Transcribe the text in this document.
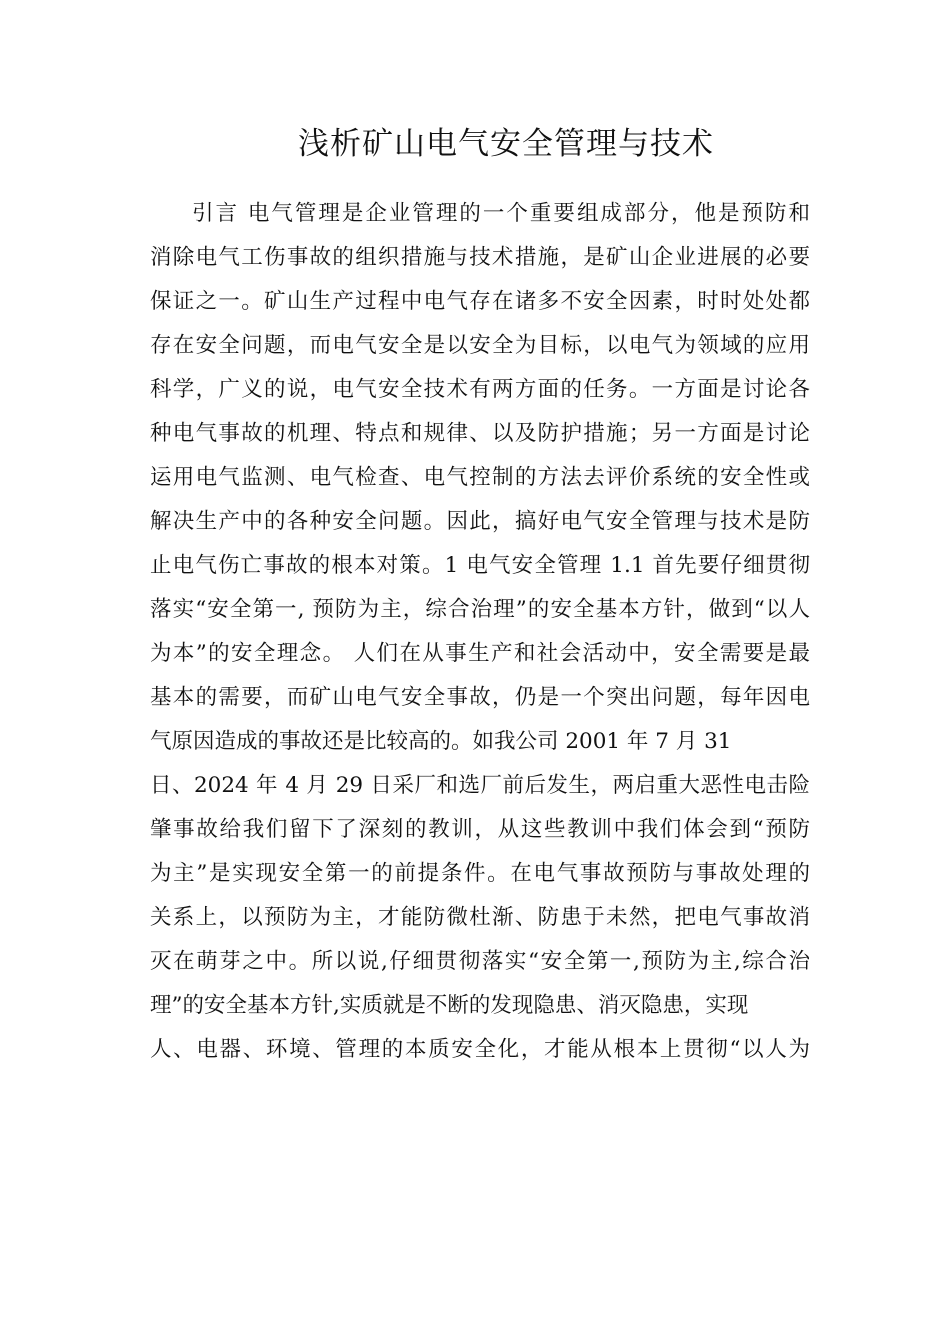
浅析矿山电气安全管理与技术
引言 电气管理是企业管理的一个重要组成部分，他是预防和
消除电气工伤事故的组织措施与技术措施，是矿山企业进展的必要
保证之一。矿山生产过程中电气存在诸多不安全因素，时时处处都
存在安全问题，而电气安全是以安全为目标，以电气为领域的应用
科学，广义的说，电气安全技术有两方面的任务。一方面是讨论各
种电气事故的机理、特点和规律、以及防护措施；另一方面是讨论
运用电气监测、电气检查、电气控制的方法去评价系统的安全性或
解决生产中的各种安全问题。因此，搞好电气安全管理与技术是防
止电气伤亡事故的根本对策。1 电气安全管理 1.1 首先要仔细贯彻
落实“安全第一, 预防为主，综合治理”的安全基本方针，做到“以人
为本”的安全理念。 人们在从事生产和社会活动中，安全需要是最
基本的需要，而矿山电气安全事故，仍是一个突出问题，每年因电
气原因造成的事故还是比较高的。如我公司 2001 年 7 月 31
日、2024 年 4 月 29 日采厂和选厂前后发生，两启重大恶性电击险
肇事故给我们留下了深刻的教训，从这些教训中我们体会到“预防
为主”是实现安全第一的前提条件。在电气事故预防与事故处理的
关系上，以预防为主，才能防微杜渐、防患于未然，把电气事故消
灭在萌芽之中。所以说,仔细贯彻落实“安全第一,预防为主,综合治
理”的安全基本方针,实质就是不断的发现隐患、消灭隐患，实现
人、电器、环境、管理的本质安全化，才能从根本上贯彻“以人为
